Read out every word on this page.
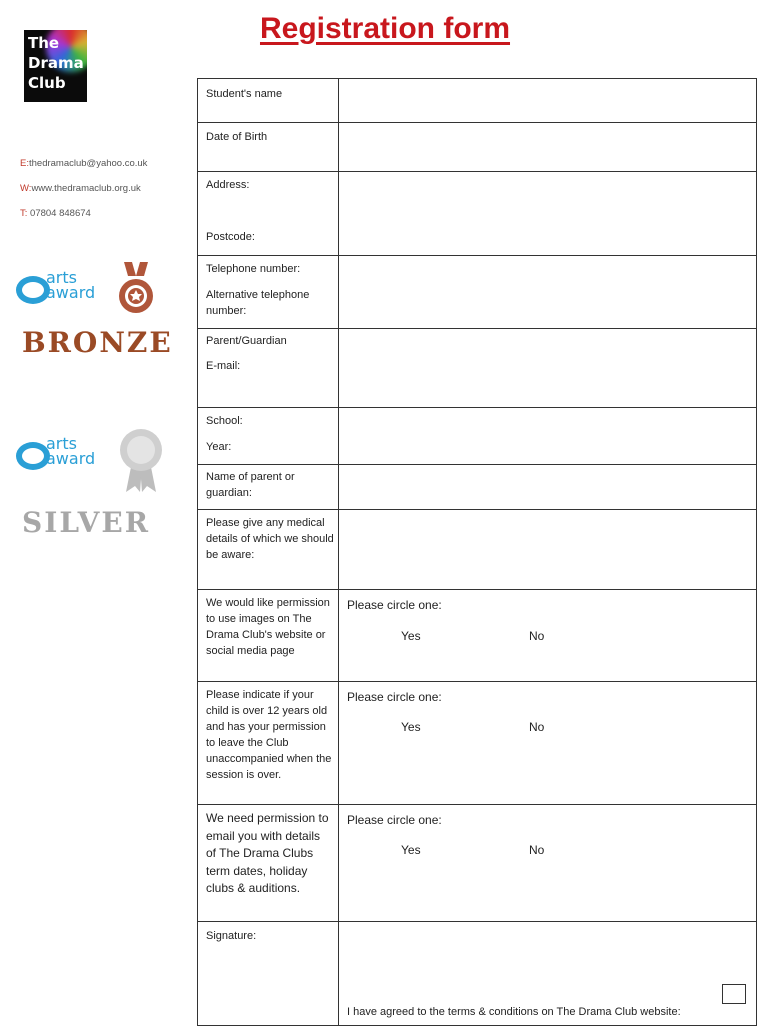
Registration form
The
Drama
Club
E:thedramaclub@yahoo.co.uk
W:www.thedramaclub.org.uk
T: 07804 848674
arts
award
BRONZE
arts
award
SILVER
Student's name	

Date of Birth	

Address:
Postcode:	

Telephone number:
Alternative telephone number:	

Parent/Guardian
E-mail:	

School:
Year:	

Name of parent or guardian:	

Please give any medical details of which we should be aware:	

We would like permission to use images on The Drama Club's website or social media page	Please circle one:
Yes No

Please indicate if your child is over 12 years old and has your permission to leave the Club unaccompanied when the session is over.	Please circle one:
Yes No

We need permission to email you with details of The Drama Clubs term dates, holiday clubs & auditions.	Please circle one:
Yes No

Signature:	I have agreed to the terms & conditions on The Drama Club website:
